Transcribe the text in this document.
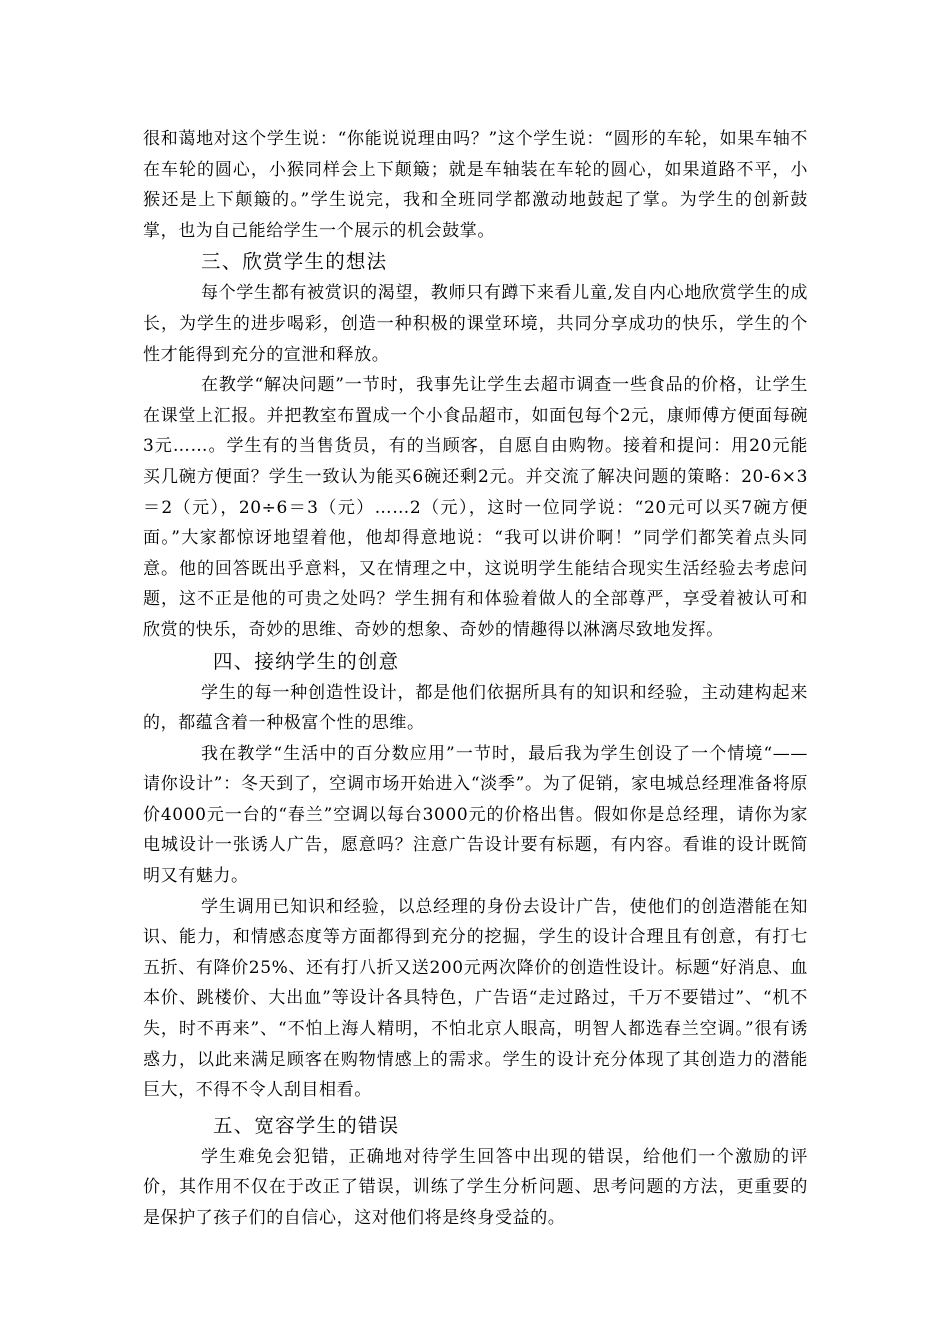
很和蔼地对这个学生说：“你能说说理由吗？”这个学生说：“圆形的车轮，如果车轴不在车轮的圆心，小猴同样会上下颠簸；就是车轴装在车轮的圆心，如果道路不平，小猴还是上下颠簸的。”学生说完，我和全班同学都激动地鼓起了掌。为学生的创新鼓掌，也为自己能给学生一个展示的机会鼓掌。

三、欣赏学生的想法

每个学生都有被赏识的渴望，教师只有蹲下来看儿童,发自内心地欣赏学生的成长，为学生的进步喝彩，创造一种积极的课堂环境，共同分享成功的快乐，学生的个性才能得到充分的宣泄和释放。

在教学“解决问题”一节时，我事先让学生去超市调查一些食品的价格，让学生在课堂上汇报。并把教室布置成一个小食品超市，如面包每个2元，康师傅方便面每碗3元……。学生有的当售货员，有的当顾客，自愿自由购物。接着和提问：用20元能买几碗方便面？学生一致认为能买6碗还剩2元。并交流了解决问题的策略：20-6×3 ＝2（元），20÷6＝3（元）……2（元），这时一位同学说：“20元可以买7碗方便面。”大家都惊讶地望着他，他却得意地说：“我可以讲价啊！”同学们都笑着点头同意。他的回答既出乎意料，又在情理之中，这说明学生能结合现实生活经验去考虑问题，这不正是他的可贵之处吗？学生拥有和体验着做人的全部尊严，享受着被认可和欣赏的快乐，奇妙的思维、奇妙的想象、奇妙的情趣得以淋漓尽致地发挥。

四、接纳学生的创意

学生的每一种创造性设计，都是他们依据所具有的知识和经验，主动建构起来的，都蕴含着一种极富个性的思维。

我在教学“生活中的百分数应用”一节时，最后我为学生创设了一个情境“——请你设计”：冬天到了，空调市场开始进入“淡季”。为了促销，家电城总经理准备将原价4000元一台的“春兰”空调以每台3000元的价格出售。假如你是总经理，请你为家电城设计一张诱人广告，愿意吗？注意广告设计要有标题，有内容。看谁的设计既简明又有魅力。

学生调用已知识和经验，以总经理的身份去设计广告，使他们的创造潜能在知识、能力，和情感态度等方面都得到充分的挖掘，学生的设计合理且有创意，有打七五折、有降价25%、还有打八折又送200元两次降价的创造性设计。标题“好消息、血本价、跳楼价、大出血”等设计各具特色，广告语“走过路过，千万不要错过”、“机不失，时不再来”、“不怕上海人精明，不怕北京人眼高，明智人都选春兰空调。”很有诱惑力，以此来满足顾客在购物情感上的需求。学生的设计充分体现了其创造力的潜能巨大，不得不令人刮目相看。

五、宽容学生的错误

学生难免会犯错，正确地对待学生回答中出现的错误，给他们一个激励的评价，其作用不仅在于改正了错误，训练了学生分析问题、思考问题的方法，更重要的是保护了孩子们的自信心，这对他们将是终身受益的。
